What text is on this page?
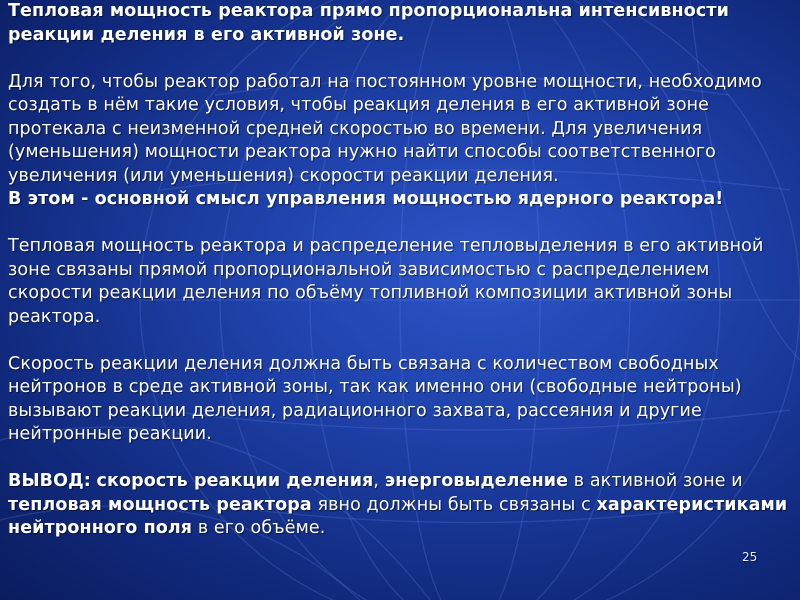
Тепловая мощность реактора прямо пропорциональна интенсивности реакции деления в его активной зоне.

Для того, чтобы реактор работал на постоянном уровне мощности, необходимо создать в нём такие условия, чтобы реакция деления в его активной зоне протекала с неизменной средней скоростью во времени. Для увеличения (уменьшения) мощности реактора нужно найти способы соответственного увеличения (или уменьшения) скорости реакции деления.

В этом - основной смысл управления мощностью ядерного реактора!

Тепловая мощность реактора и распределение тепловыделения в его активной зоне связаны прямой пропорциональной зависимостью с распределением скорости реакции деления по объёму топливной композиции активной зоны реактора.

Скорость реакции деления должна быть связана с количеством свободных нейтронов в среде активной зоны, так как именно они (свободные нейтроны) вызывают реакции деления, радиационного захвата, рассеяния и другие нейтронные реакции.

ВЫВОД: скорость реакции деления, энерговыделение в активной зоне и тепловая мощность реактора явно должны быть связаны с характеристиками нейтронного поля в его объёме.

25
